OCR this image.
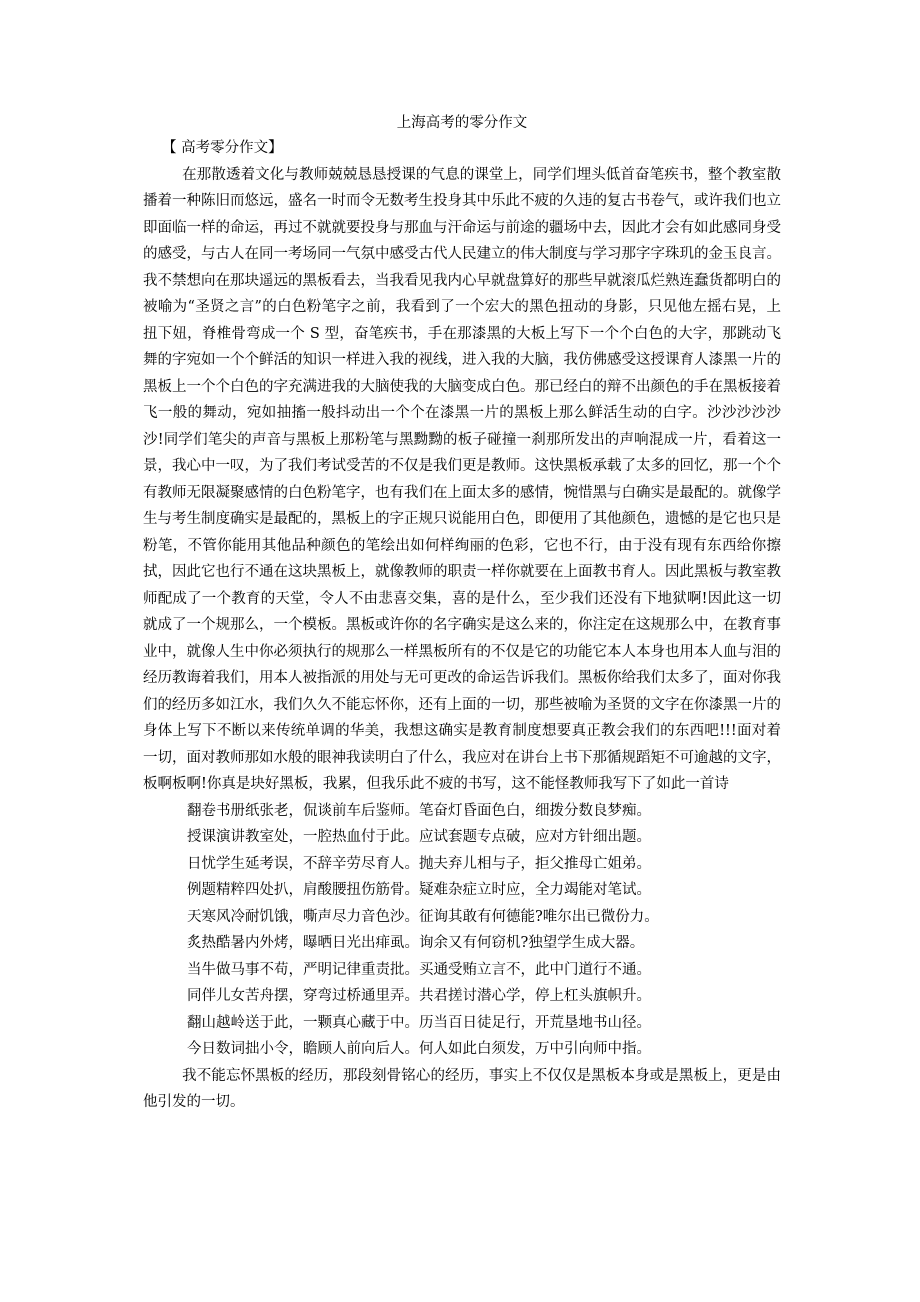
上海高考的零分作文

【 高考零分作文】

在那散透着文化与教师兢兢恳恳授课的气息的课堂上，同学们埋头低首奋笔疾书，整个教室散播着一种陈旧而悠远，盛名一时而令无数考生投身其中乐此不疲的久违的复古书卷气，或许我们也立即面临一样的命运，再过不就就要投身与那血与汗命运与前途的疆场中去，因此才会有如此感同身受的感受，与古人在同一考场同一气氛中感受古代人民建立的伟大制度与学习那字字珠玑的金玉良言。我不禁想向在那块遥远的黑板看去，当我看见我内心早就盘算好的那些早就滚瓜烂熟连蠢货都明白的被喻为“圣贤之言”的白色粉笔字之前，我看到了一个宏大的黑色扭动的身影，只见他左摇右晃，上扭下妞，脊椎骨弯成一个 S 型，奋笔疾书，手在那漆黑的大板上写下一个个白色的大字，那跳动飞舞的字宛如一个个鲜活的知识一样进入我的视线，进入我的大脑，我仿佛感受这授课育人漆黑一片的黑板上一个个白色的字充满进我的大脑使我的大脑变成白色。那已经白的辩不出颜色的手在黑板接着飞一般的舞动，宛如抽搐一般抖动出一个个在漆黑一片的黑板上那么鲜活生动的白字。沙沙沙沙沙沙!同学们笔尖的声音与黑板上那粉笔与黑黝黝的板子碰撞一刹那所发出的声响混成一片，看着这一景，我心中一叹，为了我们考试受苦的不仅是我们更是教师。这快黑板承载了太多的回忆，那一个个有教师无限凝聚感情的白色粉笔字，也有我们在上面太多的感情，惋惜黑与白确实是最配的。就像学生与考生制度确实是最配的，黑板上的字正规只说能用白色，即便用了其他颜色，遗憾的是它也只是粉笔，不管你能用其他品种颜色的笔绘出如何样绚丽的色彩，它也不行，由于没有现有东西给你擦拭，因此它也行不通在这块黑板上，就像教师的职责一样你就要在上面教书育人。因此黑板与教室教师配成了一个教育的天堂，令人不由悲喜交集，喜的是什么，至少我们还没有下地狱啊!因此这一切就成了一个规那么，一个模板。黑板或许你的名字确实是这么来的，你注定在这规那么中，在教育事业中，就像人生中你必须执行的规那么一样黑板所有的不仅是它的功能它本人本身也用本人血与泪的经历教诲着我们，用本人被指派的用处与无可更改的命运告诉我们。黑板你给我们太多了，面对你我们的经历多如江水，我们久久不能忘怀你，还有上面的一切，那些被喻为圣贤的文字在你漆黑一片的身体上写下不断以来传统单调的华美，我想这确实是教育制度想要真正教会我们的东西吧!!!面对着一切，面对教师那如水般的眼神我读明白了什么，我应对在讲台上书下那循规蹈矩不可逾越的文字，板啊板啊!你真是块好黑板，我累，但我乐此不疲的书写，这不能怪教师我写下了如此一首诗

翻卷书册纸张老，侃谈前车后鉴师。笔奋灯昏面色白，细拨分数良梦痴。

授课演讲教室处，一腔热血付于此。应试套题专点破，应对方针细出题。

日忧学生延考误，不辞辛劳尽育人。抛夫弃儿相与子，拒父推母亡姐弟。

例题精粹四处扒，肩酸腰扭伤筋骨。疑难杂症立时应，全力竭能对笔试。

天寒风冷耐饥饿，嘶声尽力音色沙。征询其敢有何德能?唯尔出已微份力。

炙热酷暑内外烤，曝晒日光出痱虱。询余又有何窃机?独望学生成大器。

当牛做马事不苟，严明记律重责批。买通受贿立言不，此中门道行不通。

同伴儿女苦舟摆，穿弯过桥通里弄。共君搓讨潜心学，停上杠头旗帜升。

翻山越岭送于此，一颗真心藏于中。历当百日徒足行，开荒垦地书山径。

今日数词拙小令，瞻顾人前向后人。何人如此白须发，万中引向师中指。

我不能忘怀黑板的经历，那段刻骨铭心的经历，事实上不仅仅是黑板本身或是黑板上，更是由他引发的一切。
